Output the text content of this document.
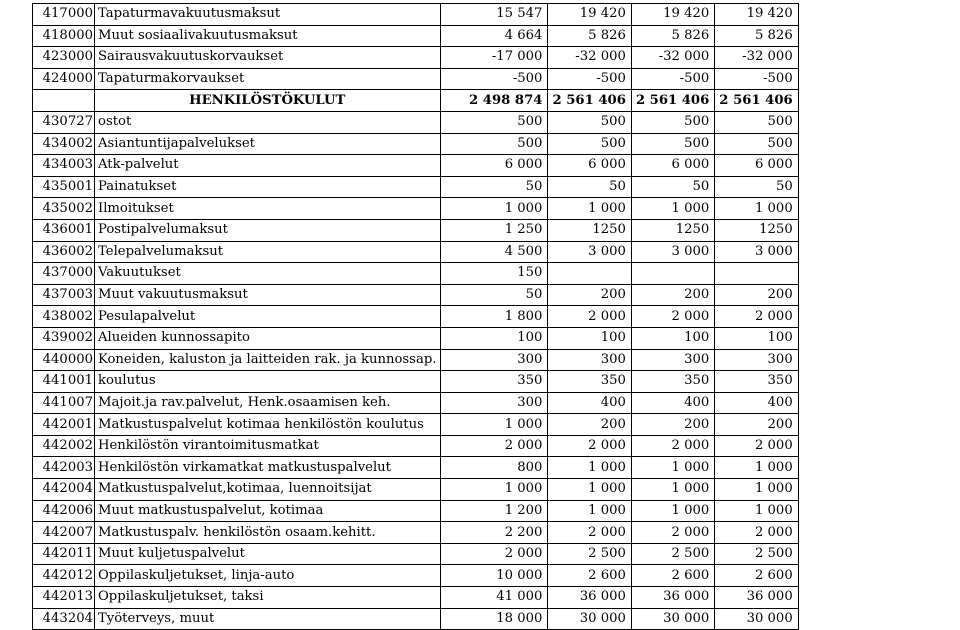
417000	Tapaturmavakuutusmaksut	15 547	19 420	19 420	19 420
418000	Muut sosiaalivakuutusmaksut	4 664	5 826	5 826	5 826
423000	Sairausvakuutuskorvaukset	-17 000	-32 000	-32 000	-32 000
424000	Tapaturmakorvaukset	-500	-500	-500	-500
	HENKILÖSTÖKULUT	2 498 874	2 561 406	2 561 406	2 561 406
430727	ostot	500	500	500	500
434002	Asiantuntijapalvelukset	500	500	500	500
434003	Atk-palvelut	6 000	6 000	6 000	6 000
435001	Painatukset	50	50	50	50
435002	Ilmoitukset	1 000	1 000	1 000	1 000
436001	Postipalvelumaksut	1 250	1250	1250	1250
436002	Telepalvelumaksut	4 500	3 000	3 000	3 000
437000	Vakuutukset	150			
437003	Muut vakuutusmaksut	50	200	200	200
438002	Pesulapalvelut	1 800	2 000	2 000	2 000
439002	Alueiden kunnossapito	100	100	100	100
440000	Koneiden, kaluston ja laitteiden rak. ja kunnossap.	300	300	300	300
441001	koulutus	350	350	350	350
441007	Majoit.ja rav.palvelut, Henk.osaamisen keh.	300	400	400	400
442001	Matkustuspalvelut kotimaa henkilöstön koulutus	1 000	200	200	200
442002	Henkilöstön virantoimitusmatkat	2 000	2 000	2 000	2 000
442003	Henkilöstön virkamatkat matkustuspalvelut	800	1 000	1 000	1 000
442004	Matkustuspalvelut,kotimaa, luennoitsijat	1 000	1 000	1 000	1 000
442006	Muut matkustuspalvelut, kotimaa	1 200	1 000	1 000	1 000
442007	Matkustuspalv. henkilöstön osaam.kehitt.	2 200	2 000	2 000	2 000
442011	Muut kuljetuspalvelut	2 000	2 500	2 500	2 500
442012	Oppilaskuljetukset, linja-auto	10 000	2 600	2 600	2 600
442013	Oppilaskuljetukset, taksi	41 000	36 000	36 000	36 000
443204	Työterveys, muut	18 000	30 000	30 000	30 000
